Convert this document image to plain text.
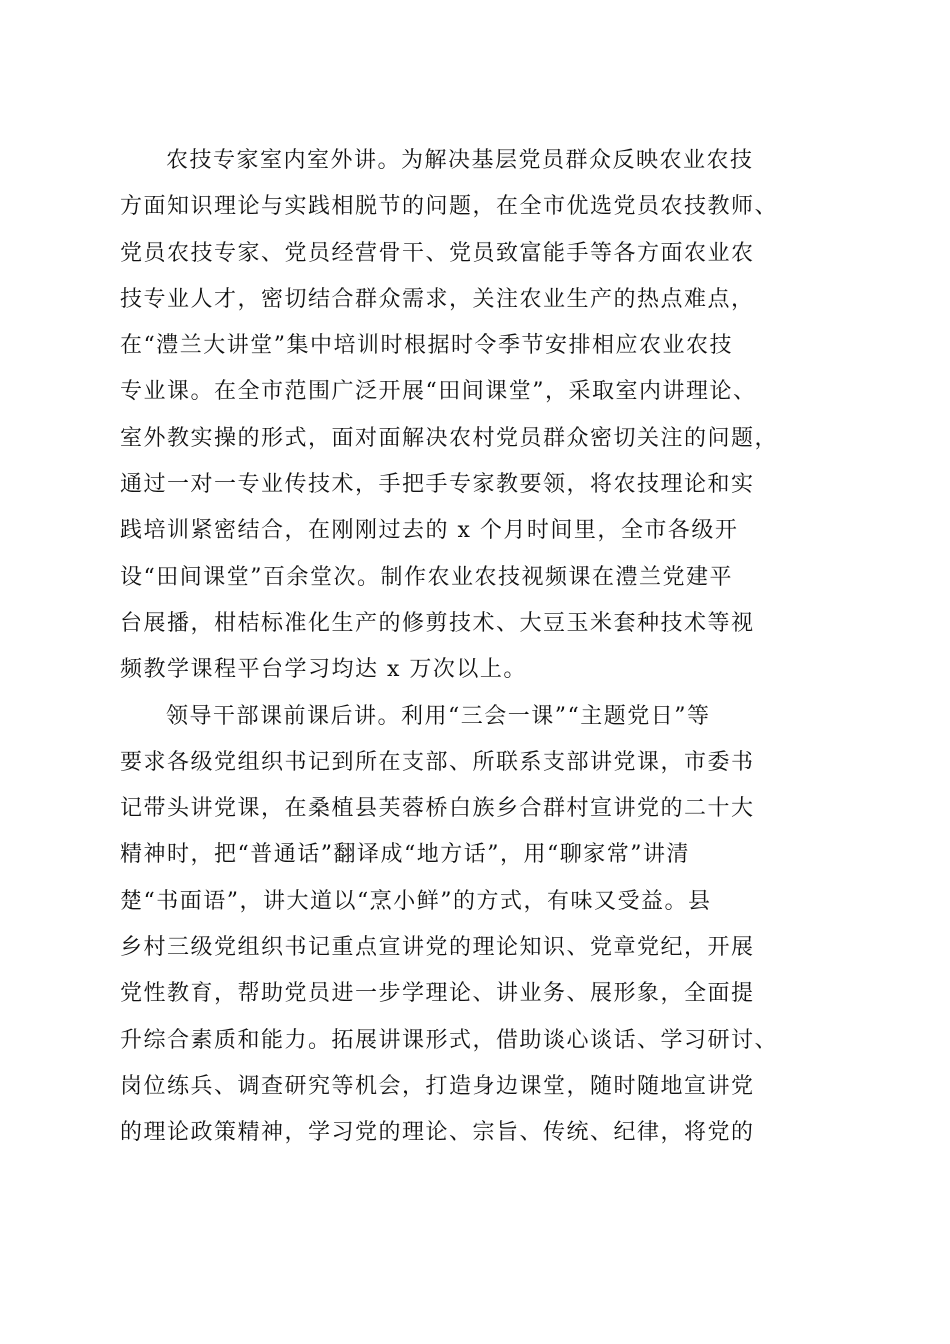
农技专家室内室外讲。为解决基层党员群众反映农业农技
方面知识理论与实践相脱节的问题，在全市优选党员农技教师、
党员农技专家、党员经营骨干、党员致富能手等各方面农业农
技专业人才，密切结合群众需求，关注农业生产的热点难点，
在“澧兰大讲堂”集中培训时根据时令季节安排相应农业农技
专业课。在全市范围广泛开展“田间课堂”，采取室内讲理论、
室外教实操的形式，面对面解决农村党员群众密切关注的问题，
通过一对一专业传技术，手把手专家教要领，将农技理论和实
践培训紧密结合，在刚刚过去的 x 个月时间里，全市各级开
设“田间课堂”百余堂次。制作农业农技视频课在澧兰党建平
台展播，柑桔标准化生产的修剪技术、大豆玉米套种技术等视
频教学课程平台学习均达 x 万次以上。
领导干部课前课后讲。利用“三会一课”“主题党日”等
要求各级党组织书记到所在支部、所联系支部讲党课，市委书
记带头讲党课，在桑植县芙蓉桥白族乡合群村宣讲党的二十大
精神时，把“普通话”翻译成“地方话”，用“聊家常”讲清
楚“书面语”，讲大道以“烹小鲜”的方式，有味又受益。县
乡村三级党组织书记重点宣讲党的理论知识、党章党纪，开展
党性教育，帮助党员进一步学理论、讲业务、展形象，全面提
升综合素质和能力。拓展讲课形式，借助谈心谈话、学习研讨、
岗位练兵、调查研究等机会，打造身边课堂，随时随地宣讲党
的理论政策精神，学习党的理论、宗旨、传统、纪律，将党的
